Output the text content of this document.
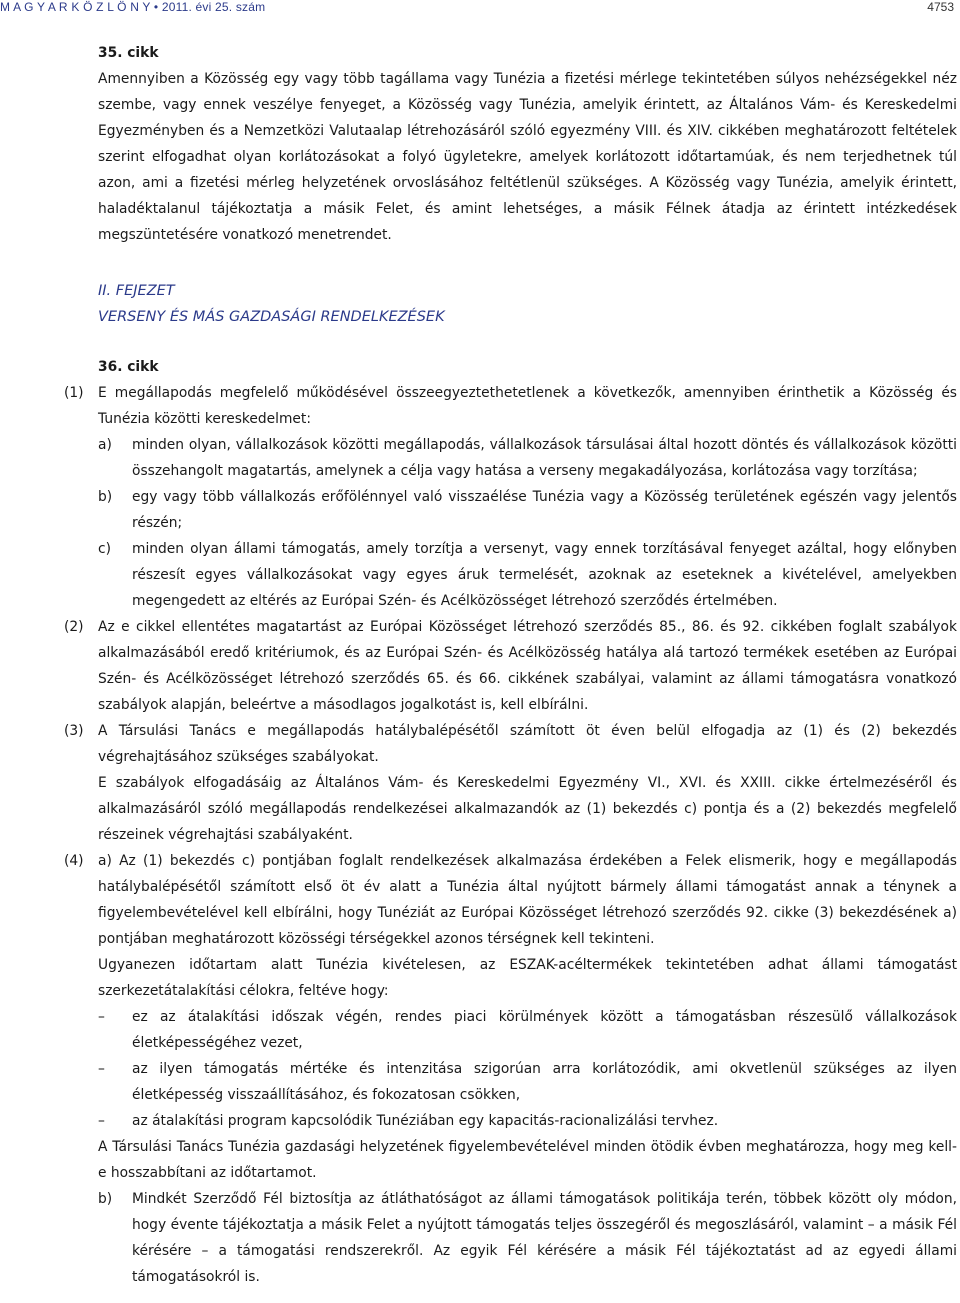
M A G Y A R K Ö Z L Ö N Y • 2011. évi 25. szám	4753

35. cikk

Amennyiben a Közösség egy vagy több tagállama vagy Tunézia a fizetési mérlege tekintetében súlyos nehézségekkel néz szembe, vagy ennek veszélye fenyeget, a Közösség vagy Tunézia, amelyik érintett, az Általános Vám- és Kereskedelmi Egyezményben és a Nemzetközi Valutaalap létrehozásáról szóló egyezmény VIII. és XIV. cikkében meghatározott feltételek szerint elfogadhat olyan korlátozásokat a folyó ügyletekre, amelyek korlátozott időtartamúak, és nem terjedhetnek túl azon, ami a fizetési mérleg helyzetének orvoslásához feltétlenül szükséges. A Közösség vagy Tunézia, amelyik érintett, haladéktalanul tájékoztatja a másik Felet, és amint lehetséges, a másik Félnek átadja az érintett intézkedések megszüntetésére vonatkozó menetrendet.

II. FEJEZET

VERSENY ÉS MÁS GAZDASÁGI RENDELKEZÉSEK

36. cikk

(1)	E megállapodás megfelelő működésével összeegyeztethetetlenek a következők, amennyiben érinthetik a Közösség és Tunézia közötti kereskedelmet:

a)	minden olyan, vállalkozások közötti megállapodás, vállalkozások társulásai által hozott döntés és vállalkozások közötti összehangolt magatartás, amelynek a célja vagy hatása a verseny megakadályozása, korlátozása vagy torzítása;

b)	egy vagy több vállalkozás erőfölénnyel való visszaélése Tunézia vagy a Közösség területének egészén vagy jelentős részén;

c)	minden olyan állami támogatás, amely torzítja a versenyt, vagy ennek torzításával fenyeget azáltal, hogy előnyben részesít egyes vállalkozásokat vagy egyes áruk termelését, azoknak az eseteknek a kivételével, amelyekben megengedett az eltérés az Európai Szén- és Acélközösséget létrehozó szerződés értelmében.

(2)	Az e cikkel ellentétes magatartást az Európai Közösséget létrehozó szerződés 85., 86. és 92. cikkében foglalt szabályok alkalmazásából eredő kritériumok, és az Európai Szén- és Acélközösség hatálya alá tartozó termékek esetében az Európai Szén- és Acélközösséget létrehozó szerződés 65. és 66. cikkének szabályai, valamint az állami támogatásra vonatkozó szabályok alapján, beleértve a másodlagos jogalkotást is, kell elbírálni.

(3)	A Társulási Tanács e megállapodás hatálybalépésétől számított öt éven belül elfogadja az (1) és (2) bekezdés végrehajtásához szükséges szabályokat.

E szabályok elfogadásáig az Általános Vám- és Kereskedelmi Egyezmény VI., XVI. és XXIII. cikke értelmezéséről és alkalmazásáról szóló megállapodás rendelkezései alkalmazandók az (1) bekezdés c) pontja és a (2) bekezdés megfelelő részeinek végrehajtási szabályaként.

(4)	a) Az (1) bekezdés c) pontjában foglalt rendelkezések alkalmazása érdekében a Felek elismerik, hogy e megállapodás hatálybalépésétől számított első öt év alatt a Tunézia által nyújtott bármely állami támogatást annak a ténynek a figyelembevételével kell elbírálni, hogy Tunéziát az Európai Közösséget létrehozó szerződés 92. cikke (3) bekezdésének a) pontjában meghatározott közösségi térségekkel azonos térségnek kell tekinteni.

Ugyanezen időtartam alatt Tunézia kivételesen, az ESZAK-acéltermékek tekintetében adhat állami támogatást szerkezetátalakítási célokra, feltéve hogy:

–	ez az átalakítási időszak végén, rendes piaci körülmények között a támogatásban részesülő vállalkozások életképességéhez vezet,

–	az ilyen támogatás mértéke és intenzitása szigorúan arra korlátozódik, ami okvetlenül szükséges az ilyen életképesség visszaállításához, és fokozatosan csökken,

–	az átalakítási program kapcsolódik Tunéziában egy kapacitás-racionalizálási tervhez.

A Társulási Tanács Tunézia gazdasági helyzetének figyelembevételével minden ötödik évben meghatározza, hogy meg kell-e hosszabbítani az időtartamot.

b)	Mindkét Szerződő Fél biztosítja az átláthatóságot az állami támogatások politikája terén, többek között oly módon, hogy évente tájékoztatja a másik Felet a nyújtott támogatás teljes összegéről és megoszlásáról, valamint – a másik Fél kérésére – a támogatási rendszerekről. Az egyik Fél kérésére a másik Fél tájékoztatást ad az egyedi állami támogatásokról is.
